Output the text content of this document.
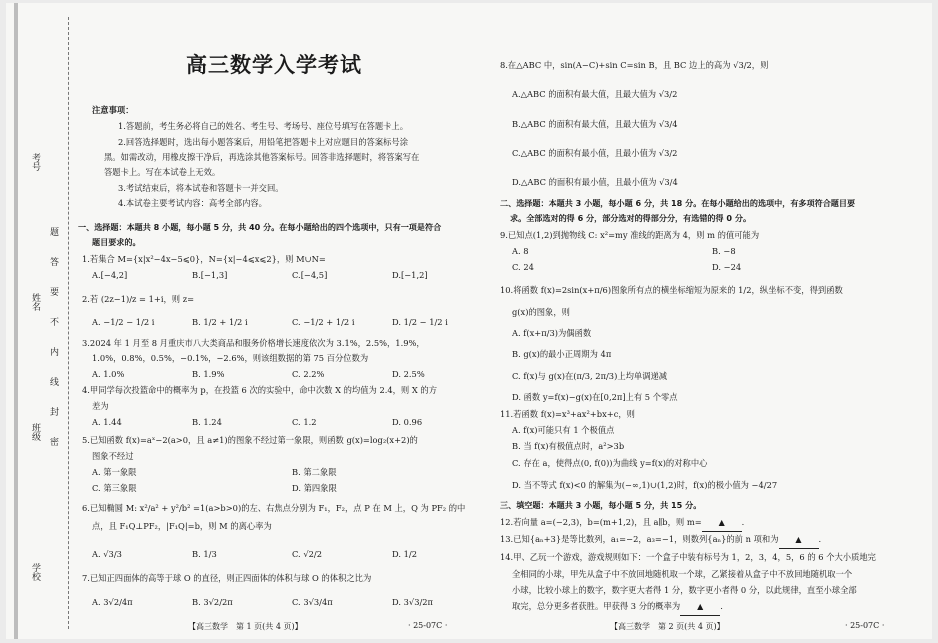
考号
姓名
班级
学校
题
答
要
不
内
线
封
密
高三数学入学考试
注意事项：
1.答题前，考生务必将自己的姓名、考生号、考场号、座位号填写在答题卡上。
2.回答选择题时，选出每小题答案后，用铅笔把答题卡上对应题目的答案标号涂
黑。如需改动，用橡皮擦干净后，再选涂其他答案标号。回答非选择题时，将答案写在
答题卡上。写在本试卷上无效。
3.考试结束后，将本试卷和答题卡一并交回。
4.本试卷主要考试内容：高考全部内容。
一、选择题：本题共 8 小题，每小题 5 分，共 40 分。在每小题给出的四个选项中，只有一项是符合
题目要求的。
1.若集合 M={x|x²−4x−5⩽0}，N={x|−4⩽x⩽2}，则 M∪N=
A.[−4,2]	B.[−1,3]	C.[−4,5]	D.[−1,2]
2.若 (2z−1)/z = 1+i，则 z=
A. −1/2 − 1/2 i	B. 1/2 + 1/2 i	C. −1/2 + 1/2 i	D. 1/2 − 1/2 i
3.2024 年 1 月至 8 月重庆市八大类商品和服务价格增长速度依次为 3.1%，2.5%，1.9%，
1.0%，0.8%，0.5%，−0.1%，−2.6%，则该组数据的第 75 百分位数为
A. 1.0%	B. 1.9%	C. 2.2%	D. 2.5%
4.甲同学每次投篮命中的概率为 p，在投篮 6 次的实验中，命中次数 X 的均值为 2.4，则 X 的方
差为
A. 1.44	B. 1.24	C. 1.2	D. 0.96
5.已知函数 f(x)=aˣ−2(a>0，且 a≠1)的图象不经过第一象限，则函数 g(x)=log₂(x+2)的
图象不经过
A. 第一象限	B. 第二象限
C. 第三象限	D. 第四象限
6.已知椭圆 M: x²/a² + y²/b² =1(a>b>0)的左、右焦点分别为 F₁，F₂，点 P 在 M 上，Q 为 PF₂ 的中
点，且 F₁Q⊥PF₂，|F₁Q|=b，则 M 的离心率为
A. √3/3	B. 1/3	C. √2/2	D. 1/2
7.已知正四面体的高等于球 O 的直径，则正四面体的体积与球 O 的体积之比为
A. 3√2/4π	B. 3√2/2π	C. 3√3/4π	D. 3√3/2π
【高三数学　第 1 页(共 4 页)】	· 25-07C ·
8.在△ABC 中，sin(A−C)+sin C=sin B，且 BC 边上的高为 √3/2，则
A.△ABC 的面积有最大值，且最大值为 √3/2
B.△ABC 的面积有最大值，且最大值为 √3/4
C.△ABC 的面积有最小值，且最小值为 √3/2
D.△ABC 的面积有最小值，且最小值为 √3/4
二、选择题：本题共 3 小题，每小题 6 分，共 18 分。在每小题给出的选项中，有多项符合题目要
求。全部选对的得 6 分，部分选对的得部分分，有选错的得 0 分。
9.已知点(1,2)到抛物线 C: x²=my 准线的距离为 4，则 m 的值可能为
A. 8	B. −8
C. 24	D. −24
10.将函数 f(x)=2sin(x+π/6)图象所有点的横坐标缩短为原来的 1/2，纵坐标不变，得到函数
g(x)的图象，则
A. f(x+π/3)为偶函数
B. g(x)的最小正周期为 4π
C. f(x)与 g(x)在(π/3, 2π/3)上均单调递减
D. 函数 y=f(x)−g(x)在[0,2π]上有 5 个零点
11.若函数 f(x)=x³+ax²+bx+c，则
A. f(x)可能只有 1 个极值点
B. 当 f(x)有极值点时，a²>3b
C. 存在 a，使得点(0, f(0))为曲线 y=f(x)的对称中心
D. 当不等式 f(x)<0 的解集为(−∞,1)∪(1,2)时，f(x)的极小值为 −4/27
三、填空题：本题共 3 小题，每小题 5 分，共 15 分。
12.若向量 a=(−2,3)，b=(m+1,2)，且 a∥b，则 m= ▲ .
13.已知{aₙ+3}是等比数列，a₁=−2，a₃=−1，则数列{aₙ}的前 n 项和为 ▲ .
14.甲、乙玩一个游戏，游戏规则如下：一个盒子中装有标号为 1，2，3，4，5，6 的 6 个大小质地完
全相同的小球，甲先从盒子中不放回地随机取一个球，乙紧接着从盒子中不放回地随机取一个
小球，比较小球上的数字，数字更大者得 1 分，数字更小者得 0 分，以此规律，直至小球全部
取完，总分更多者获胜。甲获得 3 分的概率为 ▲ .
【高三数学　第 2 页(共 4 页)】	· 25-07C ·
